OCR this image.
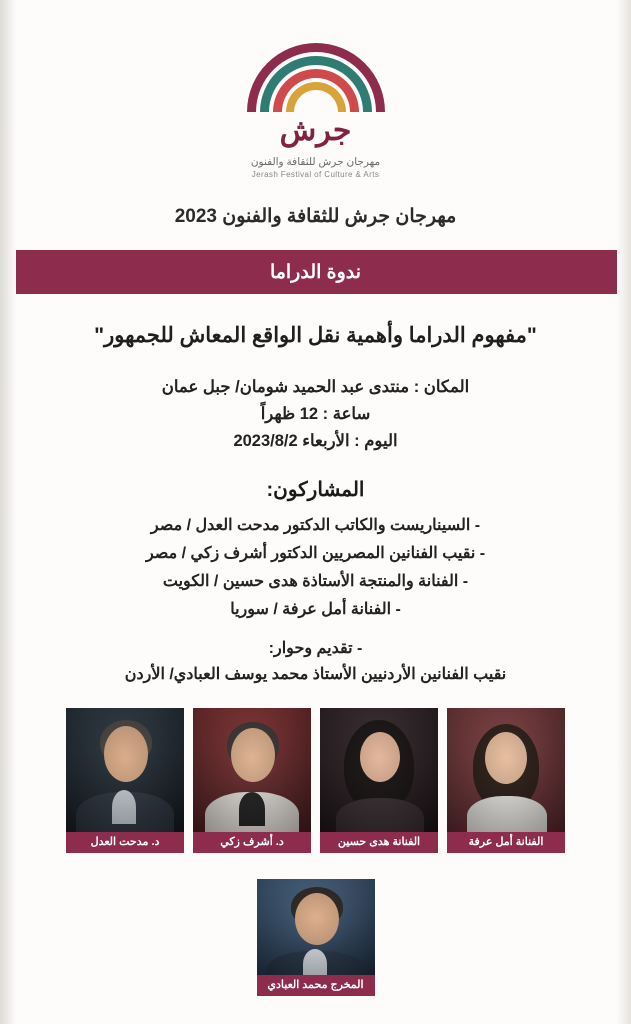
جرش
مهرجان جرش للثقافة والفنون
Jerash Festival of Culture & Arts
مهرجان جرش للثقافة والفنون 2023
ندوة الدراما
"مفهوم الدراما وأهمية نقل الواقع المعاش للجمهور"
المكان : منتدى عبد الحميد شومان/ جبل عمان
ساعة : 12 ظهراً
اليوم : الأربعاء 2023/8/2
المشاركون:
- السيناريست والكاتب الدكتور مدحت العدل / مصر
- نقيب الفنانين المصريين الدكتور أشرف زكي / مصر
- الفنانة والمنتجة الأستاذة هدى حسين / الكويت
- الفنانة أمل عرفة / سوريا
- تقديم وحوار:
نقيب الفنانين الأردنيين الأستاذ محمد يوسف العبادي/ الأردن
الفنانة أمل عرفة
الفنانة هدى حسين
د. أشرف زكي
د. مدحت العدل
المخرج محمد العبادي
